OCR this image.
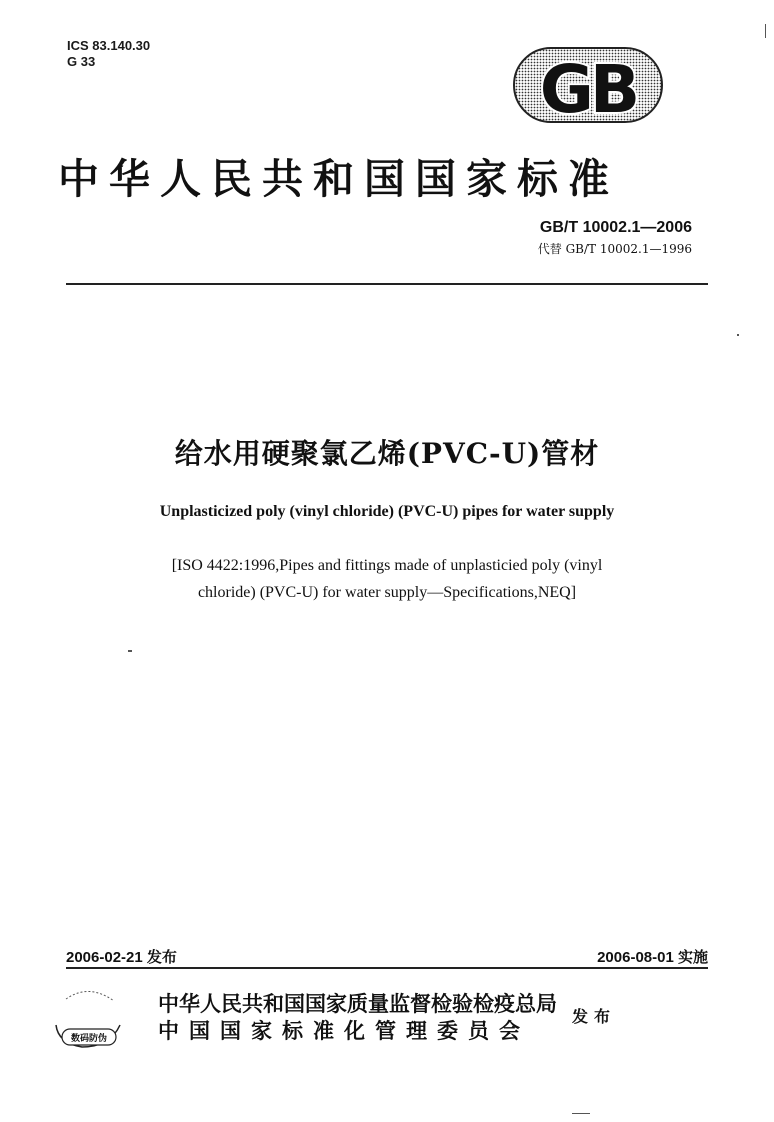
ICS 83.140.30
G 33	GB
中华人民共和国国家标准
GB/T 10002.1—2006
代替 GB/T 10002.1—1996
给水用硬聚氯乙烯(PVC-U)管材
Unplasticized poly (vinyl chloride) (PVC-U) pipes for water supply
[ISO 4422:1996,Pipes and fittings made of unplasticied poly (vinyl
chloride) (PVC-U) for water supply—Specifications,NEQ]
2006-02-21 发布	2006-08-01 实施
数码防伪
中华人民共和国国家质量监督检验检疫总局
中国国家标准化管理委员会
发布
